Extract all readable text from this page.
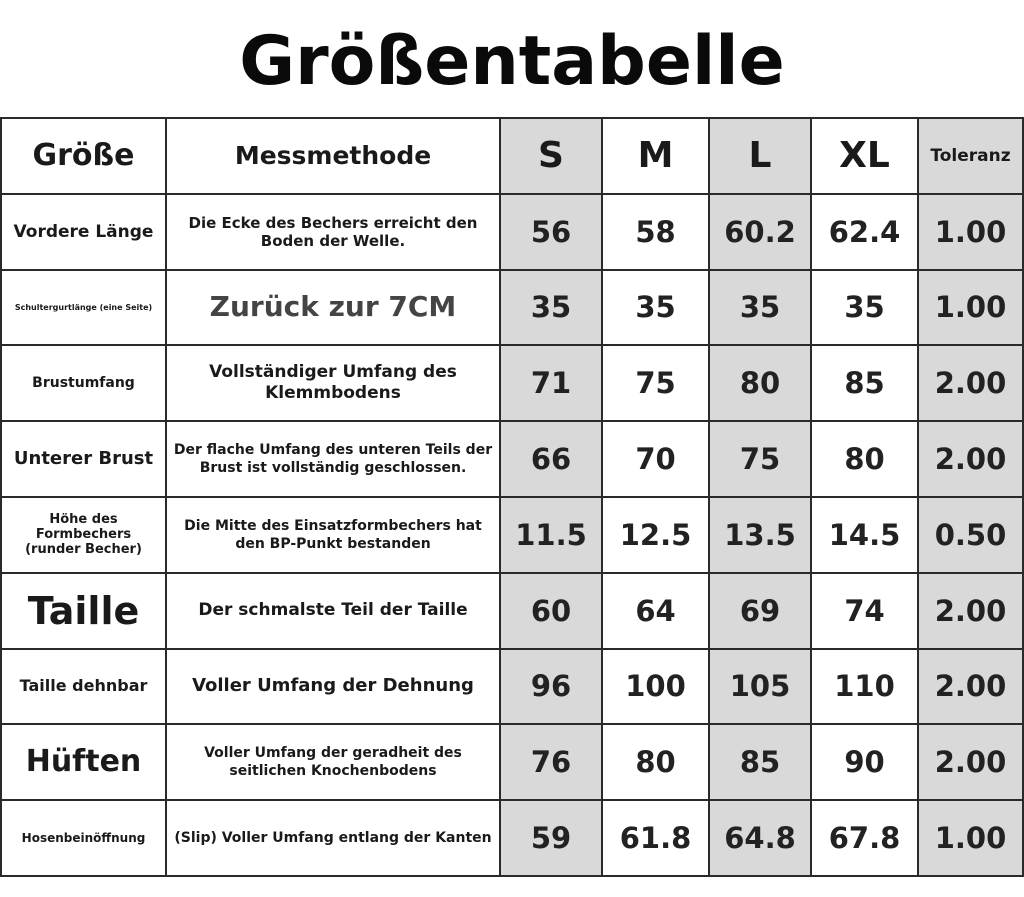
Größentabelle
Größe	Messmethode	S	M	L	XL	Toleranz
Vordere Länge	Die Ecke des Bechers erreicht den Boden der Welle.	56	58	60.2	62.4	1.00
Schultergurtlänge (eine Seite)	Zurück zur 7CM	35	35	35	35	1.00
Brustumfang	Vollständiger Umfang des Klemmbodens	71	75	80	85	2.00
Unterer Brust	Der flache Umfang des unteren Teils der Brust ist vollständig geschlossen.	66	70	75	80	2.00
Höhe des Formbechers (runder Becher)	Die Mitte des Einsatzformbechers hat den BP-Punkt bestanden	11.5	12.5	13.5	14.5	0.50
Taille	Der schmalste Teil der Taille	60	64	69	74	2.00
Taille dehnbar	Voller Umfang der Dehnung	96	100	105	110	2.00
Hüften	Voller Umfang der geradheit des seitlichen Knochenbodens	76	80	85	90	2.00
Hosenbeinöffnung	(Slip) Voller Umfang entlang der Kanten	59	61.8	64.8	67.8	1.00
